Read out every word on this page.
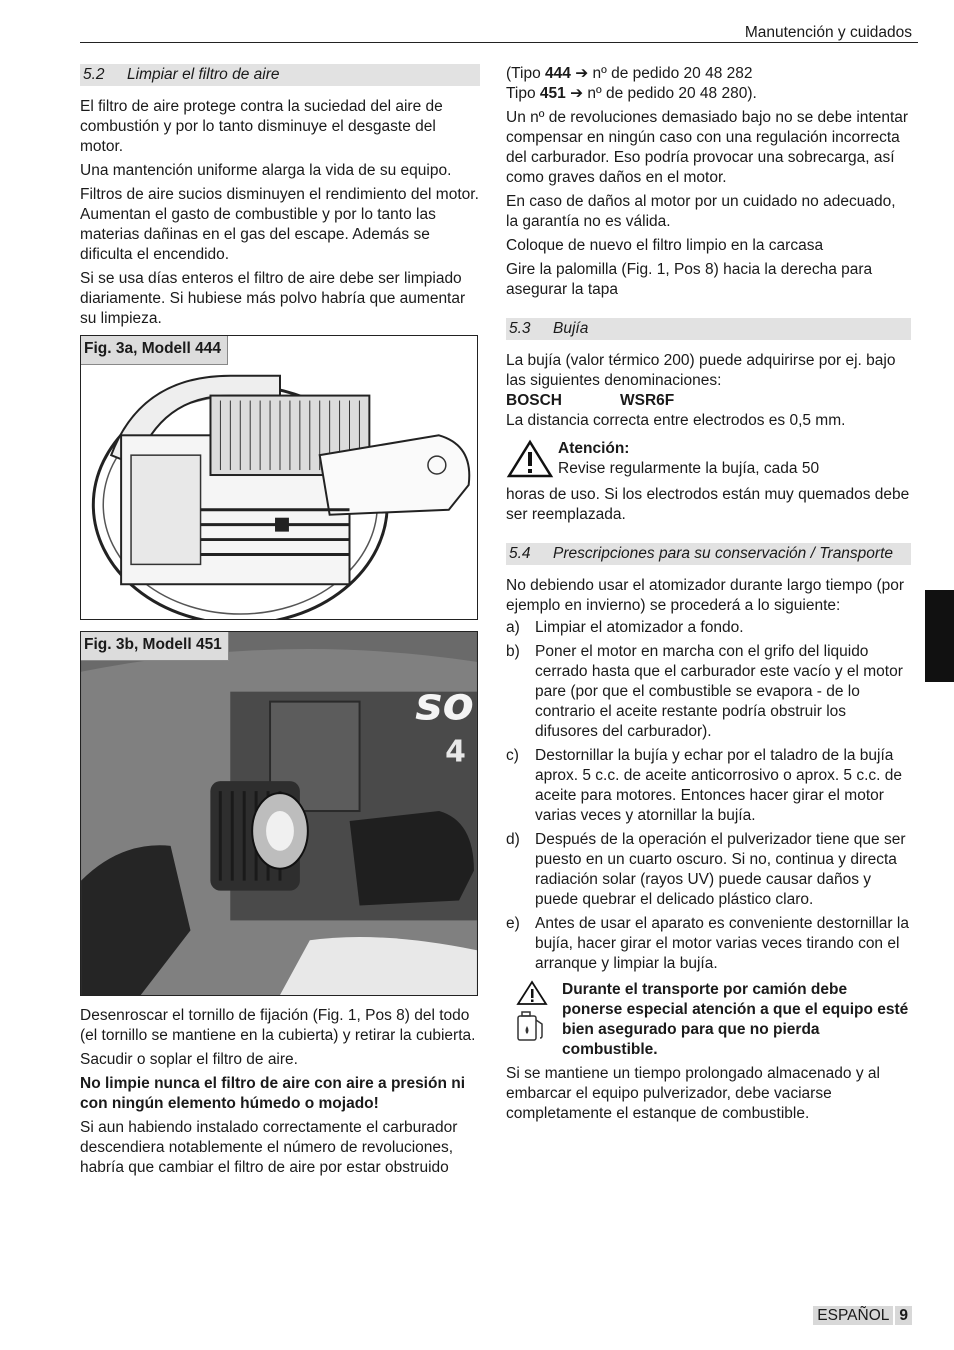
Manutención y cuidados
5.2	Limpiar el filtro de aire

El filtro de aire protege contra la suciedad del aire de combustión y por lo tanto disminuye el desgaste del motor.

Una mantención uniforme alarga la vida de su equipo.

Filtros de aire sucios disminuyen el rendimiento del motor. Aumentan el gasto de combustible y por lo tanto las materias dañinas en el gas del escape. Además se dificulta el encendido.

Si se usa días enteros el filtro de aire debe ser limpiado diariamente. Si hubiese más polvo habría que aumentar su limpieza.

Fig. 3a, Modell 444
Fig. 3b, Modell 451
so
4

Desenroscar el tornillo de fijación (Fig. 1, Pos 8) del todo (el tornillo se mantiene en la cubierta) y retirar la cubierta.

Sacudir o soplar el filtro de aire.

No limpie nunca el filtro de aire con aire a presión ni con ningún elemento húmedo o mojado!

Si aun habiendo instalado correctamente el carburador descendiera notablemente el número de revoluciones, habría que cambiar el filtro de aire por estar obstruido

(Tipo 444 ➔ nº de pedido 20 48 282
Tipo 451 ➔ nº de pedido 20 48 280).

Un nº de revoluciones demasiado bajo no se debe intentar compensar en ningún caso con una regulación incorrecta del carburador. Eso podría provocar una sobrecarga, así como graves daños en el motor.

En caso de daños al motor por un cuidado no adecuado, la garantía no es válida.

Coloque de nuevo el filtro limpio en la carcasa

Gire la palomilla (Fig. 1, Pos 8) hacia la derecha para asegurar la tapa

5.3	Bujía

La bujía (valor térmico 200) puede adquirirse por ej. bajo las siguientes denominaciones:

BOSCH	WSR6F

La distancia correcta entre electrodos es 0,5 mm.

Atención:
Revise regularmente la bujía, cada 50

horas de uso. Si los electrodos están muy quemados debe ser reemplazada.

5.4	Prescripciones para su conservación / Transporte

No debiendo usar el atomizador durante largo tiempo (por ejemplo en invierno) se procederá a lo siguiente:

a) Limpiar el atomizador a fondo.
b) Poner el motor en marcha con el grifo del liquido cerrado hasta que el carburador este vacío y el motor pare (por que el combustible se evapora - de lo contrario el aceite restante podría obstruir los difusores del carburador).
c)	Destornillar la bujía y echar por el taladro de la bujía aprox. 5 c.c. de aceite anticorrosivo o aprox. 5 c.c. de aceite para motores. Entonces hacer girar el motor varias veces y atornillar la bujía.
d) Después de la operación el pulverizador tiene que ser puesto en un cuarto oscuro. Si no, continua y directa radiación solar (rayos UV) puede causar daños y puede quebrar el delicado plástico claro.
e) Antes de usar el aparato es conveniente destornillar la bujía, hacer girar el motor varias veces tirando con el arranque y limpiar la bujía.
Durante el transporte por camión debe ponerse especial atención a que el equipo esté bien asegurado para que no pierda combustible.

Si se mantiene un tiempo prolongado almacenado y al embarcar el equipo pulverizador, debe vaciarse completamente el estanque de combustible.

ESPAÑOL 9
